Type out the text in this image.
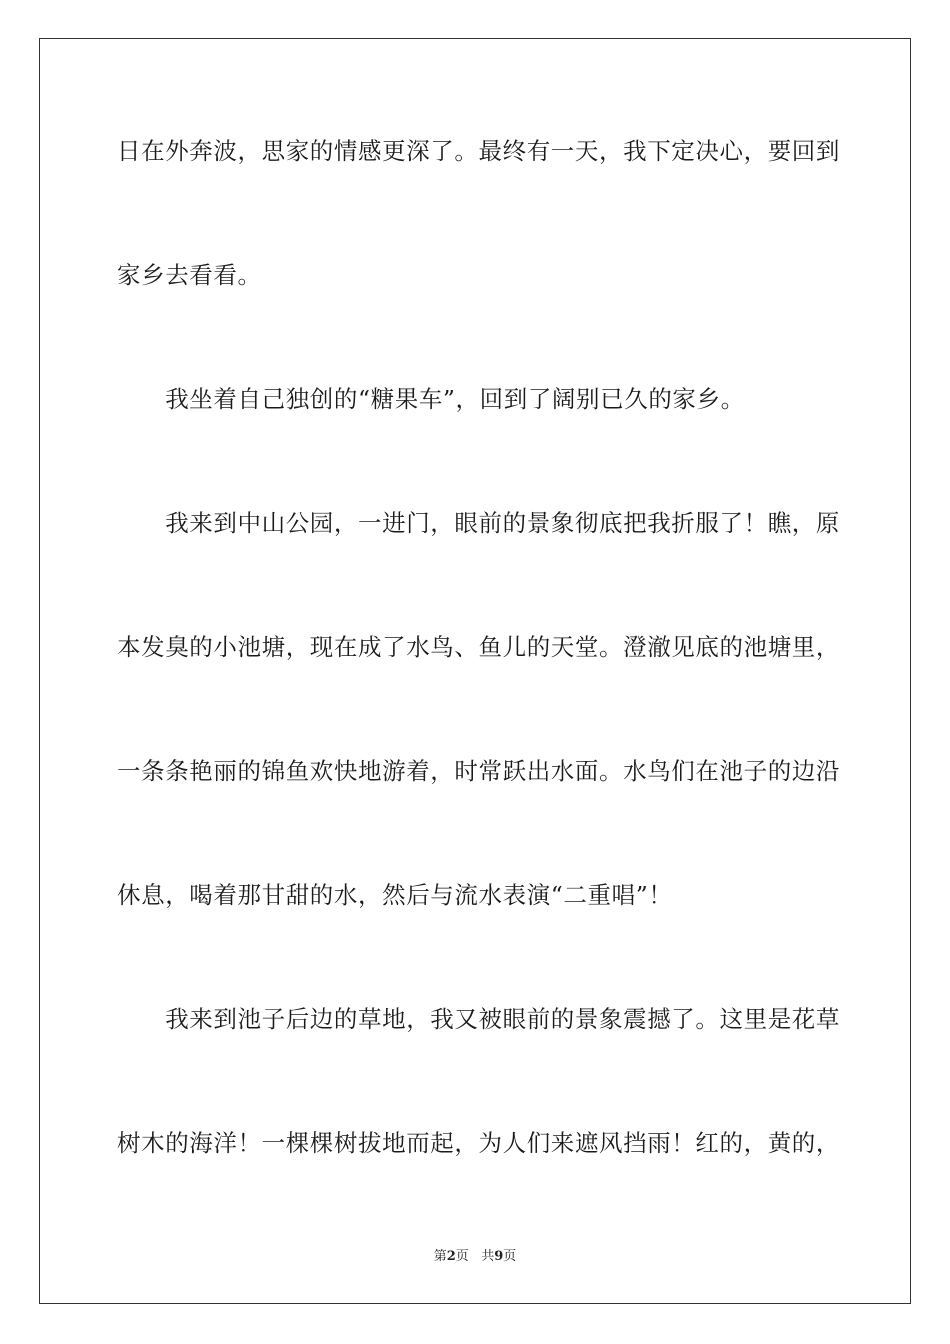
日在外奔波，思家的情感更深了。最终有一天，我下定决心，要回到
家乡去看看。
　　我坐着自己独创的“糖果车”，回到了阔别已久的家乡。
　　我来到中山公园，一进门，眼前的景象彻底把我折服了！瞧，原
本发臭的小池塘，现在成了水鸟、鱼儿的天堂。澄澈见底的池塘里，
一条条艳丽的锦鱼欢快地游着，时常跃出水面。水鸟们在池子的边沿
休息，喝着那甘甜的水，然后与流水表演“二重唱”！
　　我来到池子后边的草地，我又被眼前的景象震撼了。这里是花草
树木的海洋！一棵棵树拔地而起，为人们来遮风挡雨！红的，黄的，
第2页 共9页
